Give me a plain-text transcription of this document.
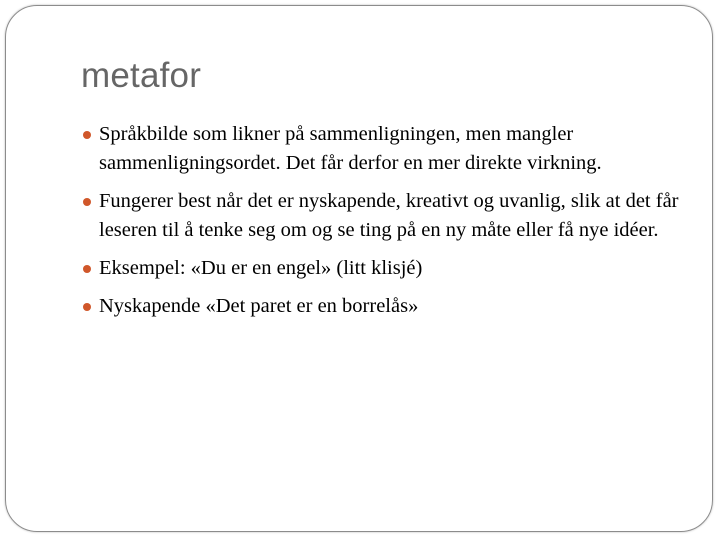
metafor
Språkbilde som likner på sammenligningen, men mangler sammenligningsordet. Det får derfor en mer direkte virkning.
Fungerer best når det er nyskapende, kreativt og uvanlig, slik at det får leseren til å tenke seg om og se ting på en ny måte eller få nye idéer.
Eksempel: «Du er en engel» (litt klisjé)
Nyskapende «Det paret er en borrelås»
